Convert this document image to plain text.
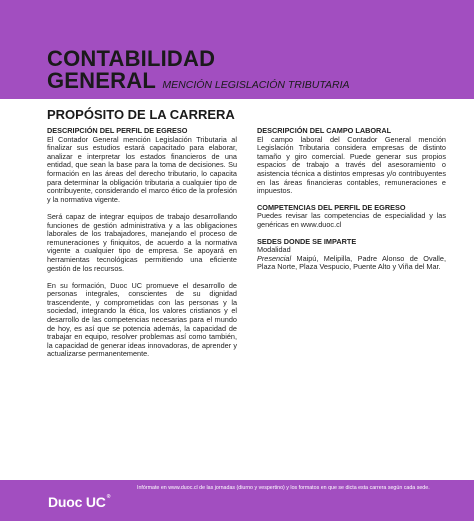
CONTABILIDAD
GENERAL MENCIÓN LEGISLACIÓN TRIBUTARIA
PROPÓSITO DE LA CARRERA
DESCRIPCIÓN DEL PERFIL DE EGRESO
El Contador General mención Legislación Tributaria al finalizar sus estudios estará capacitado para elaborar, analizar e interpretar los estados financieros de una entidad, que sean la base para la toma de decisiones. Su formación en las áreas del derecho tributario, lo capacita para determinar la obligación tributaria a cualquier tipo de contribuyente, considerando el marco ético de la profesión y la normativa vigente.
Será capaz de integrar equipos de trabajo desarrollando funciones de gestión administrativa y a las obligaciones laborales de los trabajadores, manejando el proceso de remuneraciones y finiquitos, de acuerdo a la normativa vigente a cualquier tipo de empresa. Se apoyará en herramientas tecnológicas permitiendo una eficiente gestión de los recursos.
En su formación, Duoc UC promueve el desarrollo de personas integrales, conscientes de su dignidad trascendente, y comprometidas con las personas y la sociedad, integrando la ética, los valores cristianos y el desarrollo de las competencias necesarias para el mundo de hoy, es así que se potencia además, la capacidad de trabajar en equipo, resolver problemas así como también, la capacidad de generar ideas innovadoras, de aprender y actualizarse permanentemente.
DESCRIPCIÓN DEL CAMPO LABORAL
El campo laboral del Contador General mención Legislación Tributaria considera empresas de distinto tamaño y giro comercial. Puede generar sus propios espacios de trabajo a través del asesoramiento o asistencia técnica a distintos empresas y/o contribuyentes en las áreas financieras contables, remuneraciones e impuestos.
COMPETENCIAS DEL PERFIL DE EGRESO
Puedes revisar las competencias de especialidad y las genéricas en www.duoc.cl
SEDES DONDE SE IMPARTE
Modalidad
Presencial Maipú, Melipilla, Padre Alonso de Ovalle, Plaza Norte, Plaza Vespucio, Puente Alto y Viña del Mar.
Duoc UC®
Infórmate en www.duoc.cl de las jornadas (diurno y vespertino) y los formatos en que se dicta esta carrera según cada sede.
